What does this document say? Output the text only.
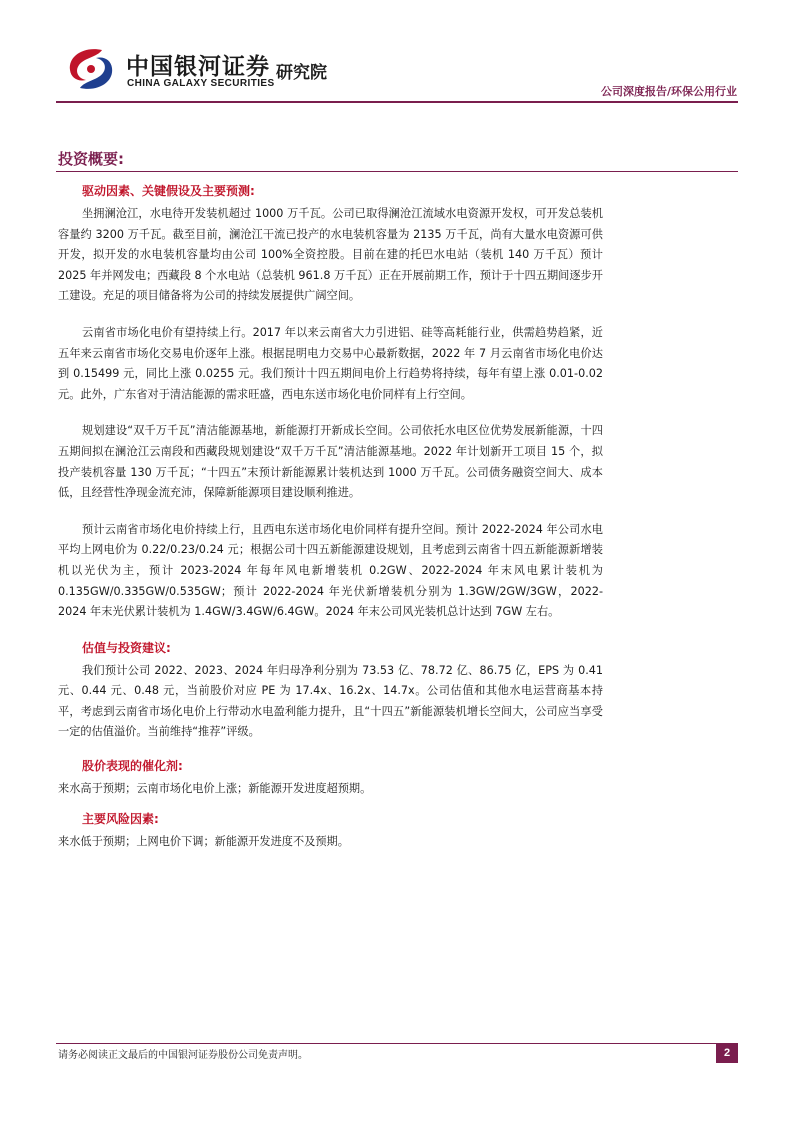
中国银河证券
CHINA GALAXY SECURITIES
研究院
公司深度报告/环保公用行业
投资概要:
驱动因素、关键假设及主要预测:

坐拥澜沧江，水电待开发装机超过 1000 万千瓦。公司已取得澜沧江流域水电资源开发权，可开发总装机容量约 3200 万千瓦。截至目前，澜沧江干流已投产的水电装机容量为 2135 万千瓦，尚有大量水电资源可供开发，拟开发的水电装机容量均由公司 100%全资控股。目前在建的托巴水电站（装机 140 万千瓦）预计 2025 年并网发电；西藏段 8 个水电站（总装机 961.8 万千瓦）正在开展前期工作，预计于十四五期间逐步开工建设。充足的项目储备将为公司的持续发展提供广阔空间。

云南省市场化电价有望持续上行。2017 年以来云南省大力引进铝、硅等高耗能行业，供需趋势趋紧，近五年来云南省市场化交易电价逐年上涨。根据昆明电力交易中心最新数据，2022 年 7 月云南省市场化电价达到 0.15499 元，同比上涨 0.0255 元。我们预计十四五期间电价上行趋势将持续，每年有望上涨 0.01-0.02 元。此外，广东省对于清洁能源的需求旺盛，西电东送市场化电价同样有上行空间。

规划建设“双千万千瓦”清洁能源基地，新能源打开新成长空间。公司依托水电区位优势发展新能源，十四五期间拟在澜沧江云南段和西藏段规划建设“双千万千瓦”清洁能源基地。2022 年计划新开工项目 15 个，拟投产装机容量 130 万千瓦；“十四五”末预计新能源累计装机达到 1000 万千瓦。公司债务融资空间大、成本低，且经营性净现金流充沛，保障新能源项目建设顺利推进。

预计云南省市场化电价持续上行，且西电东送市场化电价同样有提升空间。预计 2022-2024 年公司水电平均上网电价为 0.22/0.23/0.24 元；根据公司十四五新能源建设规划，且考虑到云南省十四五新能源新增装机以光伏为主，预计 2023-2024 年每年风电新增装机 0.2GW、2022-2024 年末风电累计装机为 0.135GW/0.335GW/0.535GW；预计 2022-2024 年光伏新增装机分别为 1.3GW/2GW/3GW，2022-2024 年末光伏累计装机为 1.4GW/3.4GW/6.4GW。2024 年末公司风光装机总计达到 7GW 左右。

估值与投资建议:

我们预计公司 2022、2023、2024 年归母净利分别为 73.53 亿、78.72 亿、86.75 亿，EPS 为 0.41 元、0.44 元、0.48 元，当前股价对应 PE 为 17.4x、16.2x、14.7x。公司估值和其他水电运营商基本持平，考虑到云南省市场化电价上行带动水电盈利能力提升，且“十四五”新能源装机增长空间大，公司应当享受一定的估值溢价。当前维持“推荐”评级。

股价表现的催化剂:

来水高于预期；云南市场化电价上涨；新能源开发进度超预期。

主要风险因素:

来水低于预期；上网电价下调；新能源开发进度不及预期。

请务必阅读正文最后的中国银河证券股份公司免责声明。	2
